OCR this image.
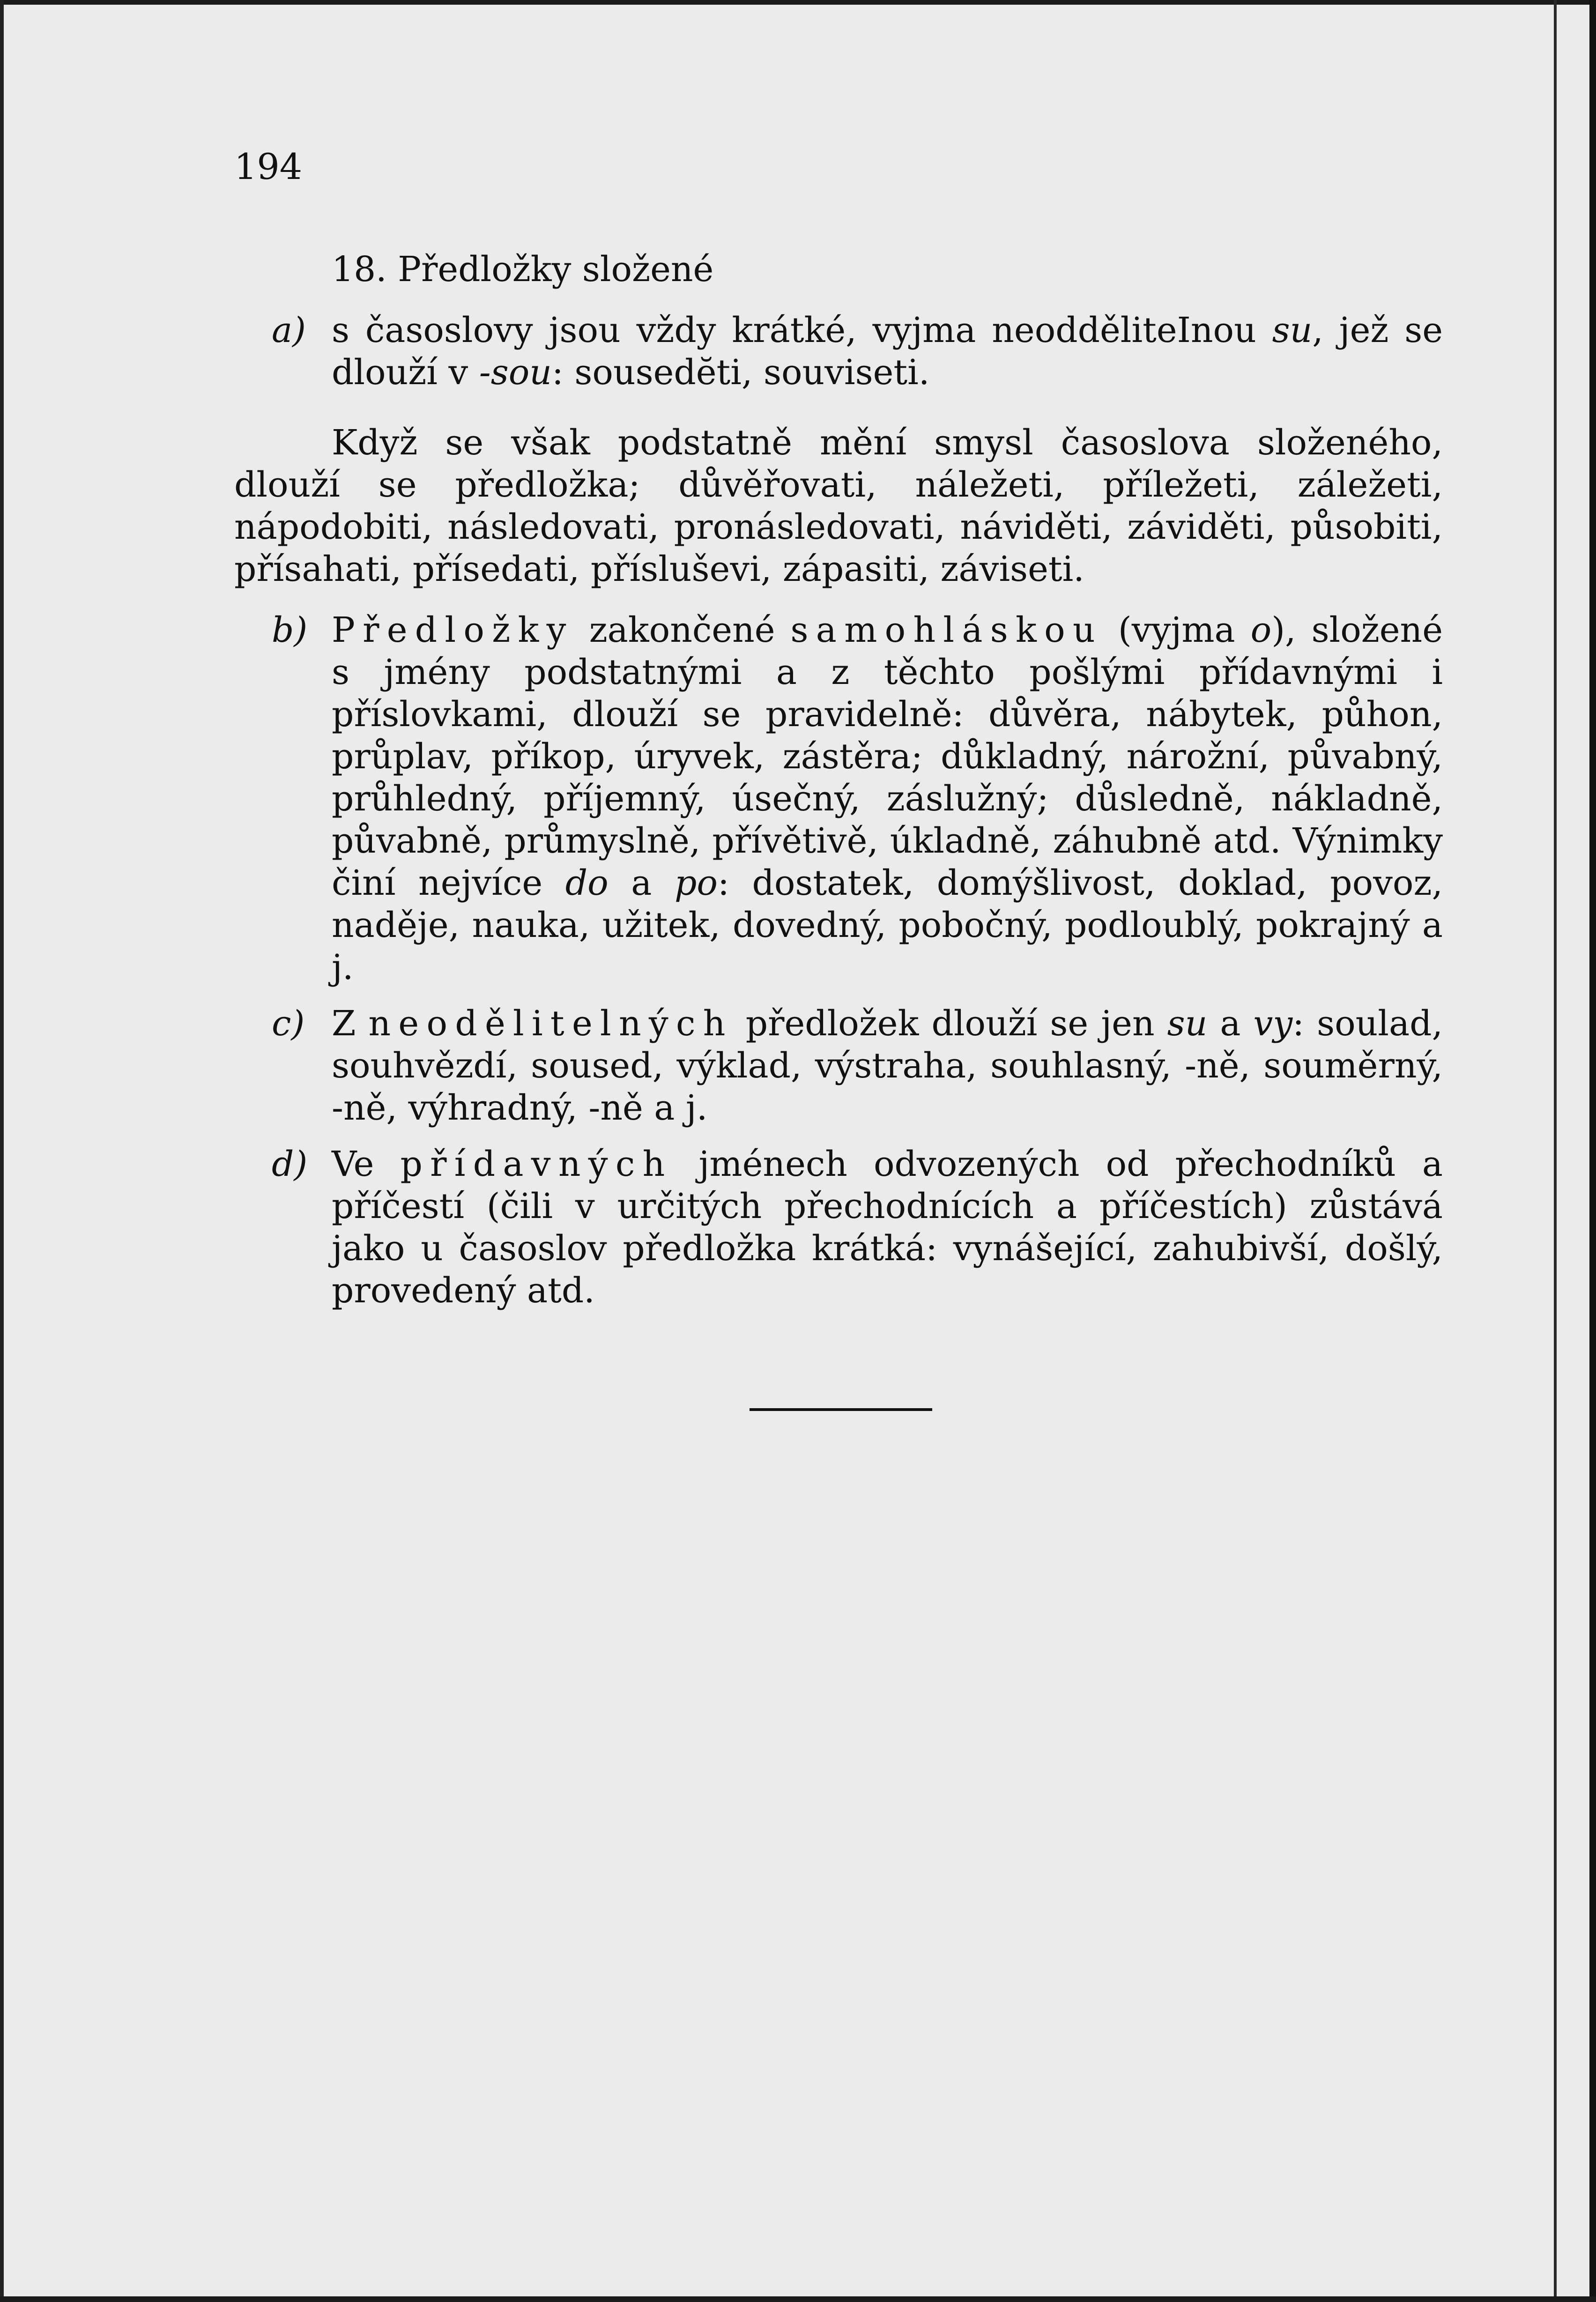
194
18. Předložky složené
a) s časoslovy jsou vždy krátké, vyjma neodděliteInou su, jež se dlouží v -sou: sousedĕti, souviseti.

Když se však podstatně mění smysl časoslova složeného, dlouží se předložka; důvěřovati, náležeti, příležeti, záležeti, nápodobiti, následovati, pronásledovati, náviděti, záviděti, působiti, přísahati, přísedati, přísluševi, zápasiti, záviseti.

b) Předložky zakončené samohláskou (vyjma o), složené s jmény podstatnými a z těchto pošlými přídavnými i příslovkami, dlouží se pravidelně: důvěra, nábytek, půhon, průplav, příkop, úryvek, zástěra; důkladný, nárožní, půvabný, průhledný, příjemný, úsečný, záslužný; důsledně, nákladně, půvabně, průmyslně, přívětivě, úkladně, záhubně atd. Výnimky činí nejvíce do a po: dostatek, domýšlivost, doklad, povoz, naděje, nauka, užitek, dovedný, pobočný, podloublý, pokrajný a j.
c) Z neodělitelných předložek dlouží se jen su a vy: soulad, souhvězdí, soused, výklad, výstraha, souhlasný, -ně, souměrný, -ně, výhradný, -ně a j.
d) Ve přídavných jménech odvozených od přechodníků a příčestí (čili v určitých přechodnících a příčestích) zůstává jako u časoslov předložka krátká: vynášející, zahubivší, došlý, provedený atd.
